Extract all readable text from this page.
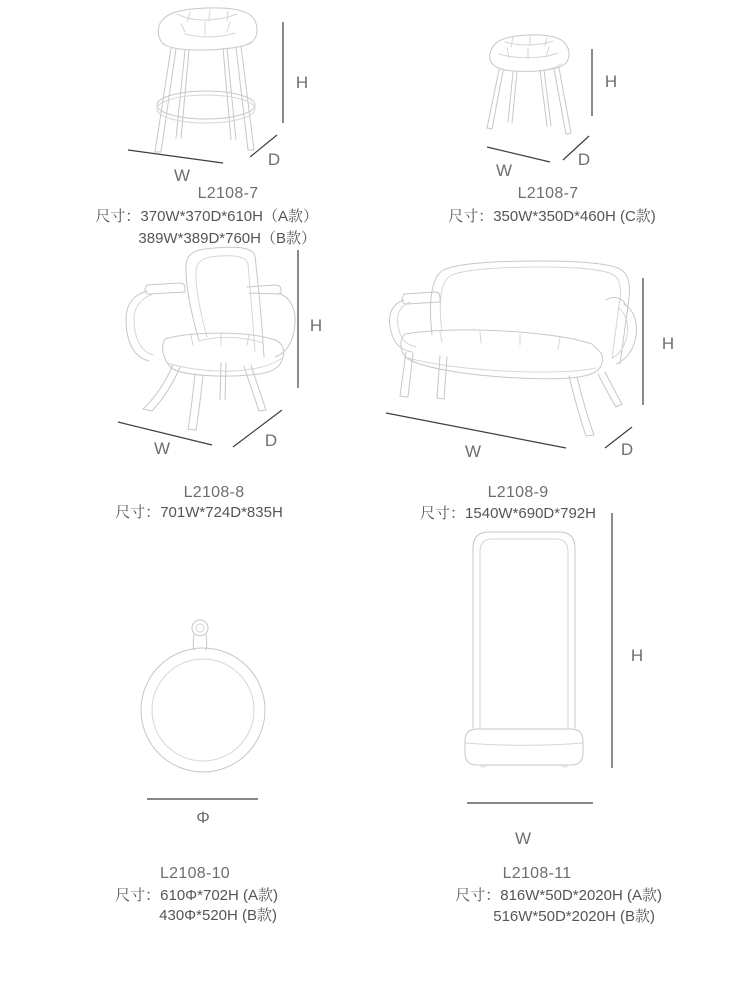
H
W
D
L2108-7
尺寸：370W*370D*610H（A款）
389W*389D*760H（B款）
H
W
D
L2108-7
尺寸：350W*350D*460H (C款)
H
W	D
L2108-8
尺寸：701W*724D*835H
H
W	D
L2108-9
尺寸：1540W*690D*792H
Φ
L2108-10
尺寸：610Φ*702H (A款)
430Φ*520H (B款)
H
W
L2108-11
尺寸：816W*50D*2020H (A款)
516W*50D*2020H (B款)
